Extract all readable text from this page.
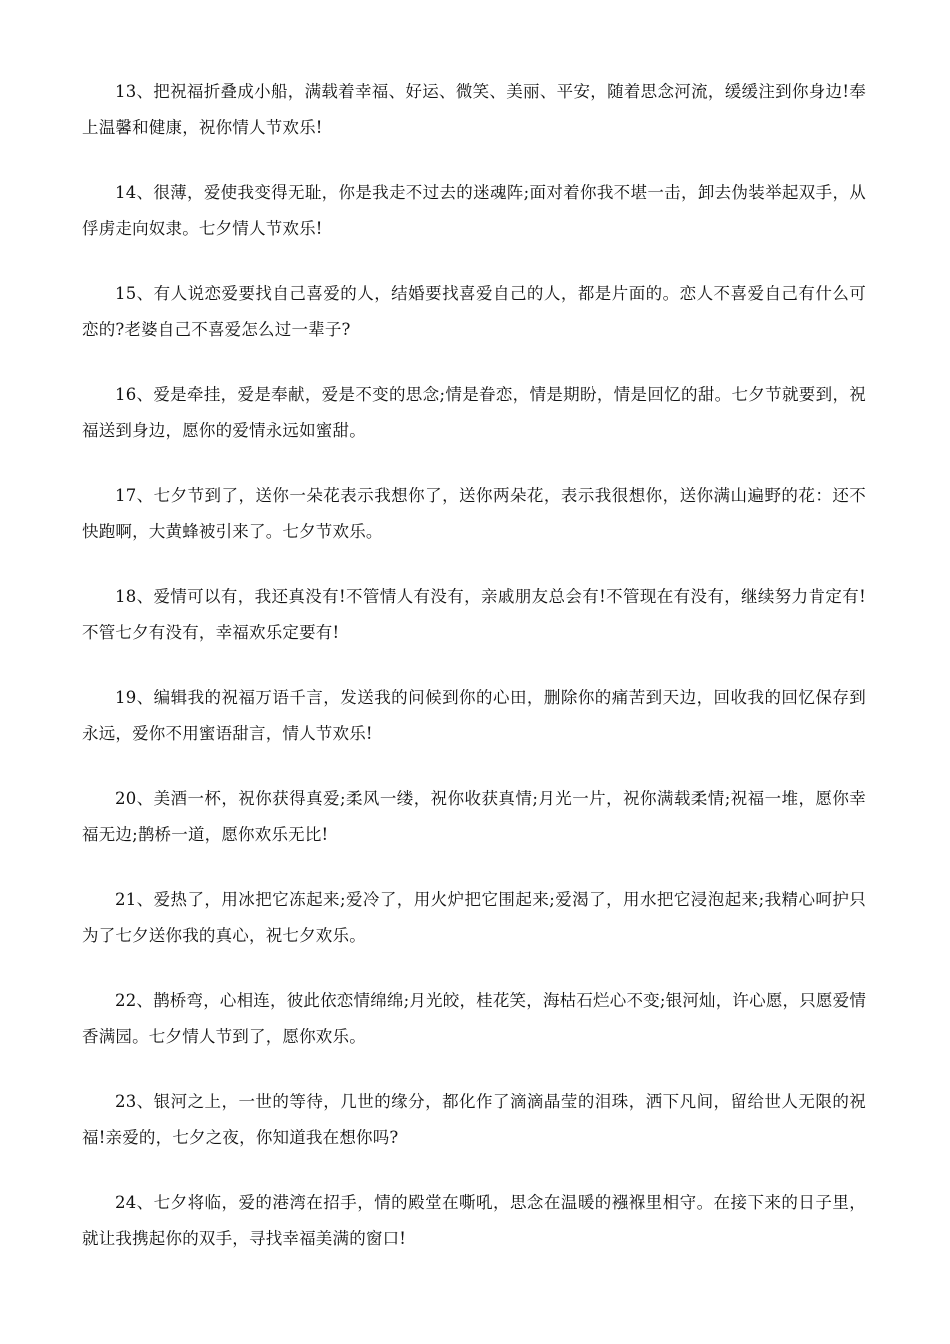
13、把祝福折叠成小船，满载着幸福、好运、微笑、美丽、平安，随着思念河流，缓缓注到你身边!奉上温馨和健康，祝你情人节欢乐!

14、很薄，爱使我变得无耻，你是我走不过去的迷魂阵;面对着你我不堪一击，卸去伪装举起双手，从俘虏走向奴隶。七夕情人节欢乐!

15、有人说恋爱要找自己喜爱的人，结婚要找喜爱自己的人，都是片面的。恋人不喜爱自己有什么可恋的?老婆自己不喜爱怎么过一辈子?

16、爱是牵挂，爱是奉献，爱是不变的思念;情是眷恋，情是期盼，情是回忆的甜。七夕节就要到，祝福送到身边，愿你的爱情永远如蜜甜。

17、七夕节到了，送你一朵花表示我想你了，送你两朵花，表示我很想你，送你满山遍野的花：还不快跑啊，大黄蜂被引来了。七夕节欢乐。

18、爱情可以有，我还真没有!不管情人有没有，亲戚朋友总会有!不管现在有没有，继续努力肯定有!不管七夕有没有，幸福欢乐定要有!

19、编辑我的祝福万语千言，发送我的问候到你的心田，删除你的痛苦到天边，回收我的回忆保存到永远，爱你不用蜜语甜言，情人节欢乐!

20、美酒一杯，祝你获得真爱;柔风一缕，祝你收获真情;月光一片，祝你满载柔情;祝福一堆，愿你幸福无边;鹊桥一道，愿你欢乐无比!

21、爱热了，用冰把它冻起来;爱冷了，用火炉把它围起来;爱渴了，用水把它浸泡起来;我精心呵护只为了七夕送你我的真心，祝七夕欢乐。

22、鹊桥弯，心相连，彼此依恋情绵绵;月光皎，桂花笑，海枯石烂心不变;银河灿，许心愿，只愿爱情香满园。七夕情人节到了，愿你欢乐。

23、银河之上，一世的等待，几世的缘分，都化作了滴滴晶莹的泪珠，洒下凡间，留给世人无限的祝福!亲爱的，七夕之夜，你知道我在想你吗?

24、七夕将临，爱的港湾在招手，情的殿堂在嘶吼，思念在温暖的襁褓里相守。在接下来的日子里，就让我携起你的双手，寻找幸福美满的窗口!
